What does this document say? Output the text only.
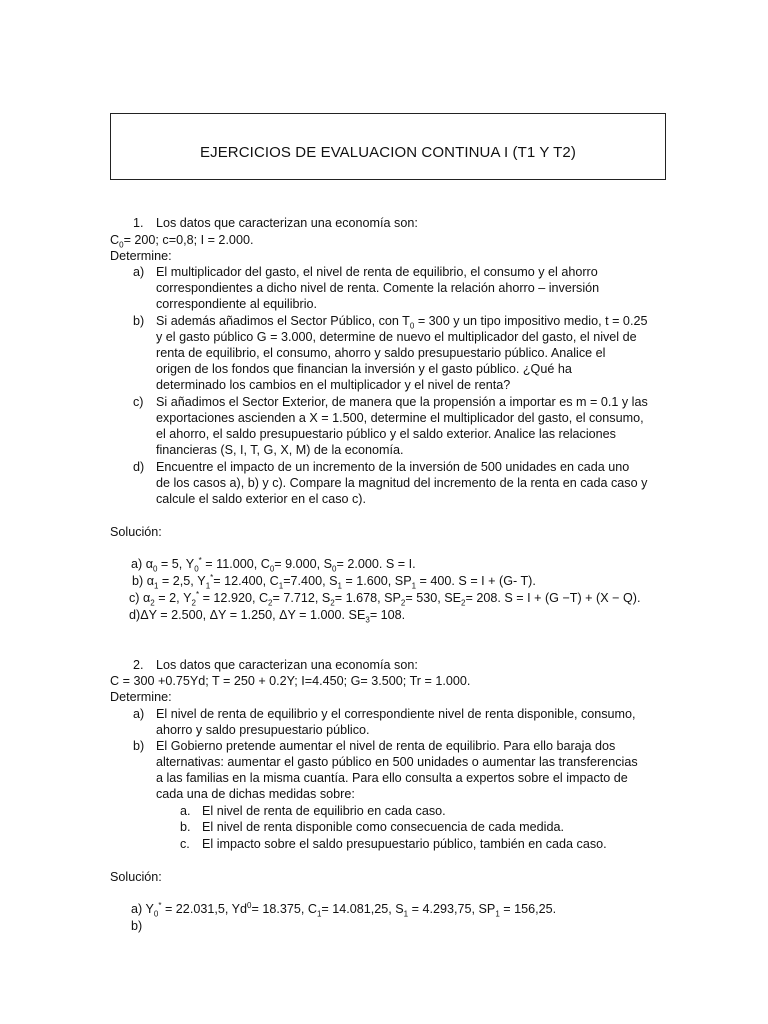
EJERCICIOS DE EVALUACION CONTINUA I (T1 Y T2)
1. Los datos que caracterizan una economía son:
$C_0= 200$; c=0,8; I = 2.000.
Determine:
a) El multiplicador del gasto, el nivel de renta de equilibrio, el consumo y el ahorro
correspondientes a dicho nivel de renta. Comente la relación ahorro – inversión
correspondiente al equilibrio.
b) Si además añadimos el Sector Público, con $T_0 = 300$ y un tipo impositivo medio, t = 0.25
y el gasto público G = 3.000, determine de nuevo el multiplicador del gasto, el nivel de
renta de equilibrio, el consumo, ahorro y saldo presupuestario público. Analice el
origen de los fondos que financian la inversión y el gasto público. ¿Qué ha
determinado los cambios en el multiplicador y el nivel de renta?
c) Si añadimos el Sector Exterior, de manera que la propensión a importar es m = 0.1 y las
exportaciones ascienden a X = 1.500, determine el multiplicador del gasto, el consumo,
el ahorro, el saldo presupuestario público y el saldo exterior. Analice las relaciones
financieras (S, I, T, G, X, M) de la economía.
d) Encuentre el impacto de un incremento de la inversión de 500 unidades en cada uno
de los casos a), b) y c). Compare la magnitud del incremento de la renta en cada caso y
calcule el saldo exterior en el caso c).
Solución:
a) $\alpha_0 = 5$, $Y_0^* = 11.000$, $C_0= 9.000$, $S_0= 2.000$. S = I.
b) $\alpha_1 = 2,5$, $Y_1^*= 12.400$, $C_1=7.400$, $S_1 = 1.600$, $SP_1 = 400$. S = I + (G- T).
c) $\alpha_2 = 2$, $Y_2^* = 12.920$, $C_2= 7.712$, $S_2= 1.678$, $SP_2= 530$, $SE_2= 208$. S = I + (G −T) + (X − Q).
d)ΔY = 2.500, ΔY = 1.250, ΔY = 1.000. $SE_3= 108$.
2. Los datos que caracterizan una economía son:
C = 300 +0.75Yd; T = 250 + 0.2Y; I=4.450; G= 3.500; Tr = 1.000.
Determine:
a) El nivel de renta de equilibrio y el correspondiente nivel de renta disponible, consumo,
ahorro y saldo presupuestario público.
b) El Gobierno pretende aumentar el nivel de renta de equilibrio. Para ello baraja dos
alternativas: aumentar el gasto público en 500 unidades o aumentar las transferencias
a las familias en la misma cuantía. Para ello consulta a expertos sobre el impacto de
cada una de dichas medidas sobre:
a. El nivel de renta de equilibrio en cada caso.
b. El nivel de renta disponible como consecuencia de cada medida.
c. El impacto sobre el saldo presupuestario público, también en cada caso.
Solución:
a) $Y_0^* = 22.031,5$, $Yd^0= 18.375$, $C_1= 14.081,25$, $S_1 = 4.293,75$, $SP_1 = 156,25$.
b)
